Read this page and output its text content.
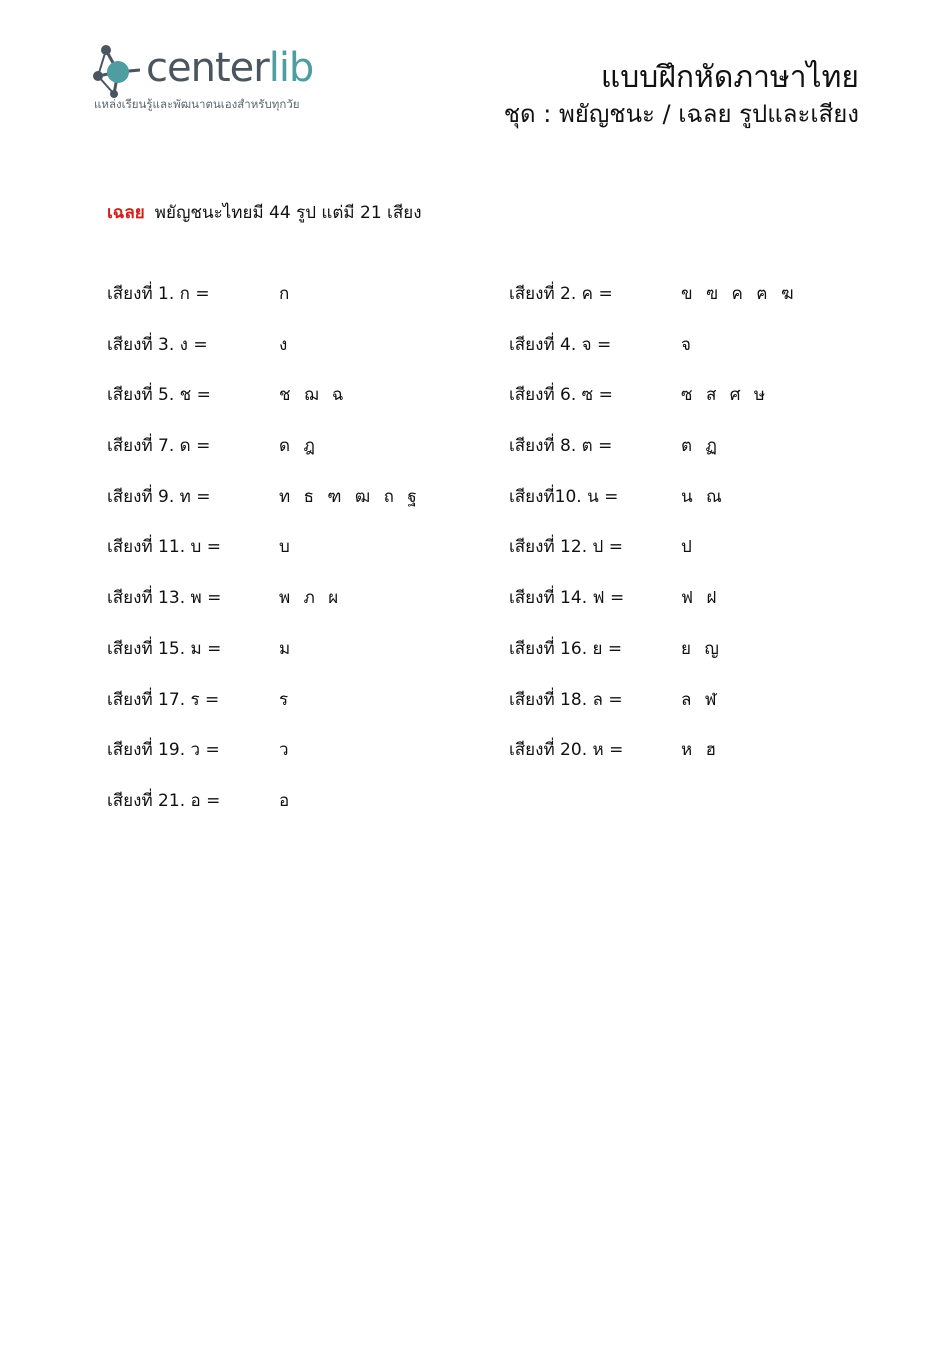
centerlib
แหล่งเรียนรู้และพัฒนาตนเองสำหรับทุกวัย
แบบฝึกหัดภาษาไทย
ชุด : พยัญชนะ / เฉลย รูปและเสียง
เฉลย พยัญชนะไทยมี 44 รูป แต่มี 21 เสียง
เสียงที่ 1. ก =	ก	เสียงที่ 2. ค =	ข ฃ ค ฅ ฆ
เสียงที่ 3. ง =	ง	เสียงที่ 4. จ =	จ
เสียงที่ 5. ช =	ช ฌ ฉ	เสียงที่ 6. ซ =	ซ ส ศ ษ
เสียงที่ 7. ด =	ด ฎ	เสียงที่ 8. ต =	ต ฏ
เสียงที่ 9. ท =	ท ธ ฑ ฒ ถ ฐ	เสียงที่10. น =	น ณ
เสียงที่ 11. บ =	บ	เสียงที่ 12. ป =	ป
เสียงที่ 13. พ =	พ ภ ผ	เสียงที่ 14. ฟ =	ฟ ฝ
เสียงที่ 15. ม =	ม	เสียงที่ 16. ย =	ย ญ
เสียงที่ 17. ร =	ร	เสียงที่ 18. ล =	ล ฬ
เสียงที่ 19. ว =	ว	เสียงที่ 20. ห =	ห ฮ
เสียงที่ 21. อ =	อ
